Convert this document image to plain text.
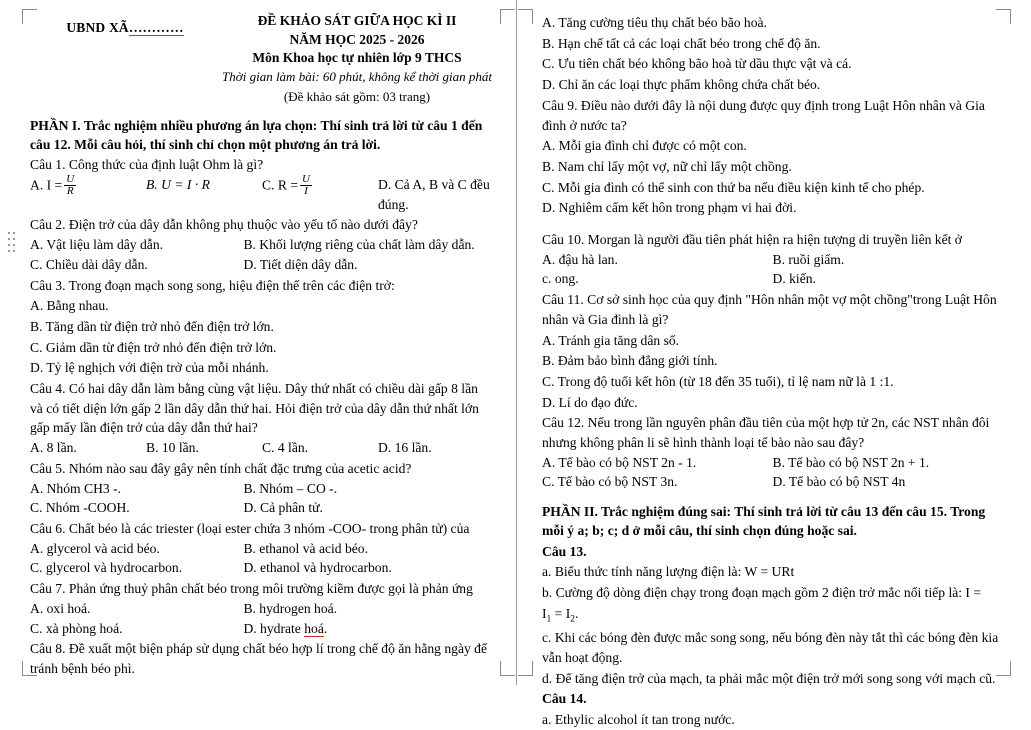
UBND XÃ…………	ĐỀ KHẢO SÁT GIỮA HỌC KÌ II
NĂM HỌC 2025 - 2026
Môn Khoa học tự nhiên lớp 9 THCS
Thời gian làm bài: 60 phút, không kể thời gian phát
(Đề khảo sát gồm: 03 trang)
PHẦN I. Trắc nghiệm nhiều phương án lựa chọn: Thí sinh trả lời từ câu 1 đến câu 12. Mỗi câu hỏi, thí sinh chỉ chọn một phương án trả lời.
Câu 1. Công thức của định luật Ohm là gì?
A. $I = \frac{U}{R}$	B. U = I · R	C. $R = \frac{U}{I}$	D. Cả A, B và C đều đúng.
Câu 2. Điện trở của dây dẫn không phụ thuộc vào yếu tố nào dưới đây?
A. Vật liệu làm dây dẫn.	B. Khối lượng riêng của chất làm dây dẫn.
C. Chiều dài dây dẫn.	D. Tiết diện dây dẫn.
Câu 3. Trong đoạn mạch song song, hiệu điện thế trên các điện trở:
A. Bằng nhau.
B. Tăng dần từ điện trở nhỏ đến điện trở lớn.
C. Giảm dần từ điện trở nhỏ đến điện trở lớn.
D. Tỷ lệ nghịch với điện trở của mỗi nhánh.
Câu 4. Có hai dây dẫn làm bằng cùng vật liệu. Dây thứ nhất có chiều dài gấp 8 lần và có tiết diện lớn gấp 2 lần dây dẫn thứ hai. Hỏi điện trở của dây dẫn thứ nhất lớn gấp mấy lần điện trở của dây dẫn thứ hai?
A. 8 lần.	B. 10 lần.	C. 4 lần.	D. 16 lần.
Câu 5. Nhóm nào sau đây gây nên tính chất đặc trưng của acetic acid?
A. Nhóm CH3 -.	B. Nhóm – CO -.
C. Nhóm -COOH.	D. Cả phân tử.
Câu 6. Chất béo là các triester (loại ester chứa 3 nhóm -COO- trong phân tử) của
A. glycerol và acid béo.	B. ethanol và acid béo.
C. glycerol và hydrocarbon.	D. ethanol và hydrocarbon.
Câu 7. Phản ứng thuỷ phân chất béo trong môi trường kiềm được gọi là phản ứng
A. oxi hoá.	B. hydrogen hoá.
C. xà phòng hoá.	D. hydrate hoá.
Câu 8. Đề xuất một biện pháp sử dụng chất béo hợp lí trong chế độ ăn hằng ngày để tránh bệnh béo phì.
A. Tăng cường tiêu thụ chất béo bão hoà.
B. Hạn chế tất cả các loại chất béo trong chế độ ăn.
C. Ưu tiên chất béo không bão hoà từ dầu thực vật và cá.
D. Chỉ ăn các loại thực phẩm không chứa chất béo.
Câu 9. Điều nào dưới đây là nội dung được quy định trong Luật Hôn nhân và Gia đình ở nước ta?
A. Mỗi gia đình chỉ được có một con.
B. Nam chỉ lấy một vợ, nữ chỉ lấy một chồng.
C. Mỗi gia đình có thể sinh con thứ ba nếu điều kiện kinh tế cho phép.
D. Nghiêm cấm kết hôn trong phạm vi hai đời.
Câu 10. Morgan là người đầu tiên phát hiện ra hiện tượng di truyền liên kết ở
A. đậu hà lan.	B. ruồi giấm.
c. ong.	D. kiến.
Câu 11. Cơ sở sinh học của quy định "Hôn nhân một vợ một chồng"trong Luật Hôn nhân và Gia đình là gì?
A. Tránh gia tăng dân số.
B. Đảm bảo bình đẳng giới tính.
C. Trong độ tuổi kết hôn (từ 18 đến 35 tuổi), tỉ lệ nam nữ là 1 :1.
D. Lí do đạo đức.
Câu 12. Nếu trong lần nguyên phân đầu tiên của một hợp tử 2n, các NST nhân đôi nhưng không phân li sẽ hình thành loại tế bào nào sau đây?
A. Tế bào có bộ NST 2n - 1.	B. Tế bào có bộ NST 2n + 1.
C. Tế bào có bộ NST 3n.	D. Tế bào có bộ NST 4n
PHẦN II. Trắc nghiệm đúng sai: Thí sinh trả lời từ câu 13 đến câu 15. Trong mỗi ý a; b; c; d ở mỗi câu, thí sinh chọn đúng hoặc sai.
Câu 13.
a. Biểu thức tính năng lượng điện là: W = URt
b. Cường độ dòng điện chạy trong đoạn mạch gồm 2 điện trở mắc nối tiếp là: I =
$I_1 = I_2$.
c. Khi các bóng đèn được mắc song song, nếu bóng đèn này tắt thì các bóng đèn kia vẫn hoạt động.
d. Để tăng điện trở của mạch, ta phải mắc một điện trở mới song song với mạch cũ.
Câu 14.
a. Ethylic alcohol ít tan trong nước.
